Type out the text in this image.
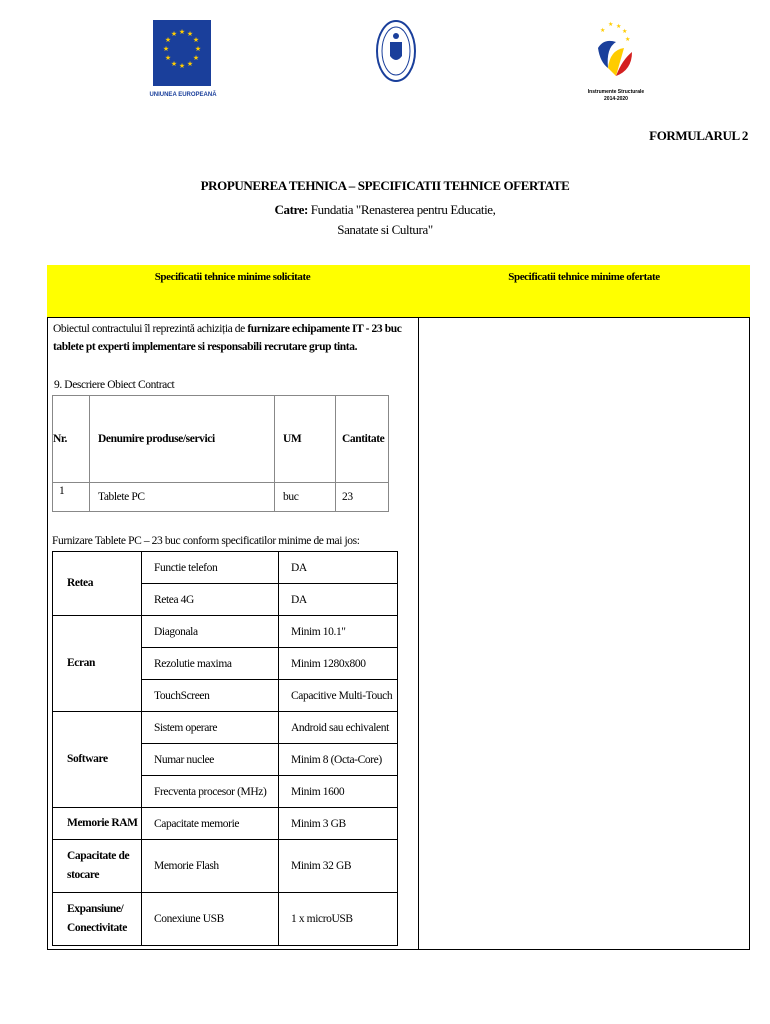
★ ★
★
★
★
★
★
★
★
★
★
★
UNIUNEA EUROPEANĂ
★ ★
★
★
★
Instrumente Structurale
2014-2020
FORMULARUL 2
PROPUNEREA TEHNICA – SPECIFICATII TEHNICE OFERTATE
Catre: Fundatia "Renasterea pentru Educatie,
Sanatate si Cultura"
Specificatii tehnice minime solicitate	Specificatii tehnice minime ofertate
Obiectul contractului îl reprezintă achiziția de furnizare echipamente IT - 23 buc tablete pt experti implementare si responsabili recrutare grup tinta.
9. Descriere Obiect Contract
Nr.	Denumire produse/servici	UM	Cantitate
1	Tablete PC	buc	23
Furnizare Tablete PC – 23 buc conform specificatilor minime de mai jos:
Retea	Functie telefon	DA
	Retea 4G	DA
Ecran	Diagonala	Minim 10.1"
	Rezolutie maxima	Minim 1280x800
	TouchScreen	Capacitive Multi-Touch
Software	Sistem operare	Android sau echivalent
	Numar nuclee	Minim 8 (Octa-Core)
	Frecventa procesor (MHz)	Minim 1600
Memorie RAM	Capacitate memorie	Minim 3 GB
Capacitate de stocare	Memorie Flash	Minim 32 GB
Expansiune/ Conectivitate	Conexiune USB	1 x microUSB
